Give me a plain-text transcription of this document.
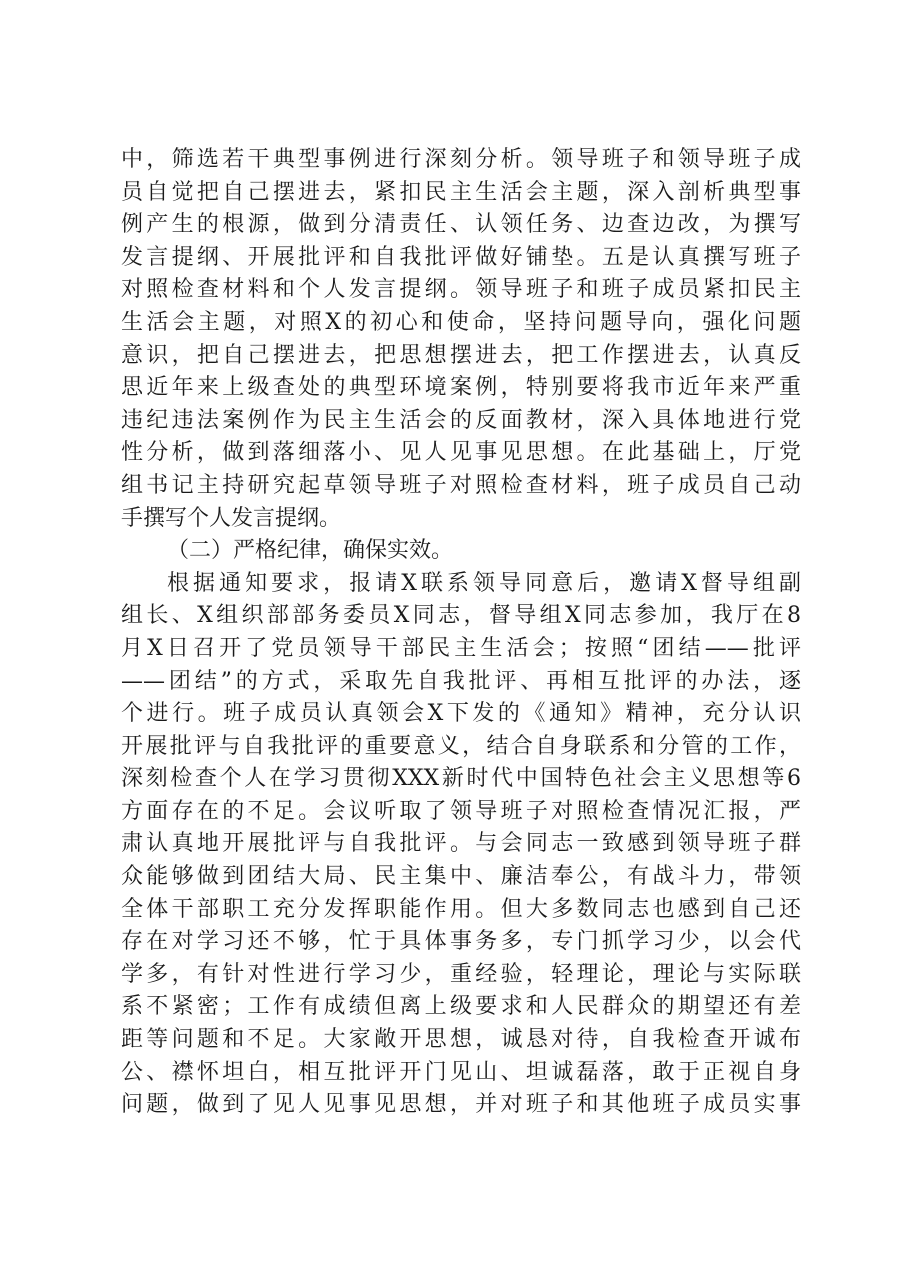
中，筛选若干典型事例进行深刻分析。领导班子和领导班子成
员自觉把自己摆进去，紧扣民主生活会主题，深入剖析典型事
例产生的根源，做到分清责任、认领任务、边查边改，为撰写
发言提纲、开展批评和自我批评做好铺垫。五是认真撰写班子
对照检查材料和个人发言提纲。领导班子和班子成员紧扣民主
生活会主题，对照X的初心和使命，坚持问题导向，强化问题
意识，把自己摆进去，把思想摆进去，把工作摆进去，认真反
思近年来上级查处的典型环境案例，特别要将我市近年来严重
违纪违法案例作为民主生活会的反面教材，深入具体地进行党
性分析，做到落细落小、见人见事见思想。在此基础上，厅党
组书记主持研究起草领导班子对照检查材料，班子成员自己动
手撰写个人发言提纲。
（二）严格纪律，确保实效。
根据通知要求，报请X联系领导同意后，邀请X督导组副
组长、X组织部部务委员X同志，督导组X同志参加，我厅在8
月X日召开了党员领导干部民主生活会；按照“团结——批评
——团结”的方式，采取先自我批评、再相互批评的办法，逐
个进行。班子成员认真领会X下发的《通知》精神，充分认识
开展批评与自我批评的重要意义，结合自身联系和分管的工作，
深刻检查个人在学习贯彻XXX新时代中国特色社会主义思想等6
方面存在的不足。会议听取了领导班子对照检查情况汇报，严
肃认真地开展批评与自我批评。与会同志一致感到领导班子群
众能够做到团结大局、民主集中、廉洁奉公，有战斗力，带领
全体干部职工充分发挥职能作用。但大多数同志也感到自己还
存在对学习还不够，忙于具体事务多，专门抓学习少，以会代
学多，有针对性进行学习少，重经验，轻理论，理论与实际联
系不紧密；工作有成绩但离上级要求和人民群众的期望还有差
距等问题和不足。大家敞开思想，诚恳对待，自我检查开诚布
公、襟怀坦白，相互批评开门见山、坦诚磊落，敢于正视自身
问题，做到了见人见事见思想，并对班子和其他班子成员实事
